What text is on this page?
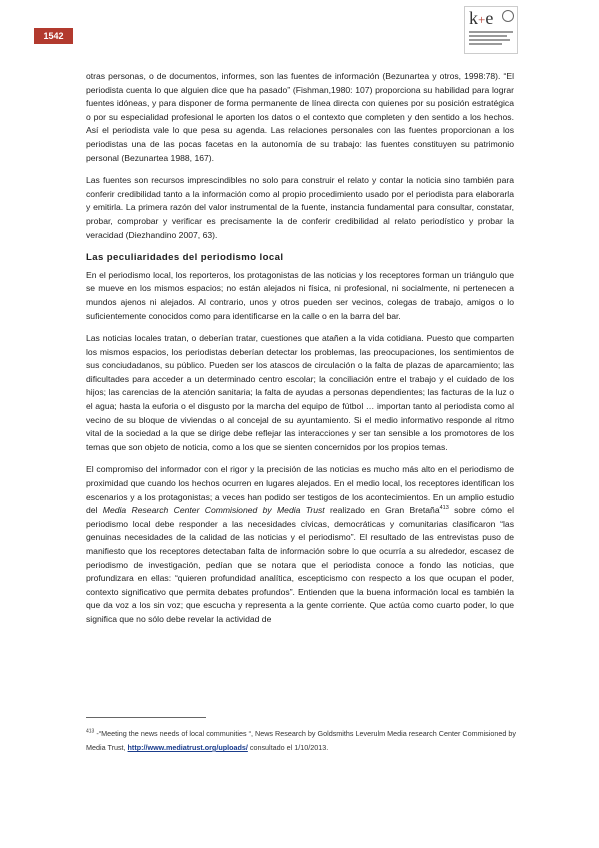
1542
k+e

otras personas, o de documentos, informes, son las fuentes de información (Bezunartea y otros, 1998:78). “El periodista cuenta lo que alguien dice que ha pasado” (Fishman,1980: 107) proporciona su habilidad para lograr fuentes idóneas, y para disponer de forma permanente de línea directa con quienes por su posición estratégica o por su especialidad profesional le aporten los datos o el contexto que completen y den sentido a los hechos. Así el periodista vale lo que pesa su agenda. Las relaciones personales con las fuentes proporcionan a los periodistas una de las pocas facetas en la autonomía de su trabajo: las fuentes constituyen su patrimonio personal (Bezunartea 1988, 167).

Las fuentes son recursos imprescindibles no solo para construir el relato y contar la noticia sino también para conferir credibilidad tanto a la información como al propio procedimiento usado por el periodista para elaborarla y emitirla. La primera razón del valor instrumental de la fuente, instancia fundamental para consultar, constatar, probar, comprobar y verificar es precisamente la de conferir credibilidad al relato periodístico y probar la veracidad (Diezhandino 2007, 63).

Las peculiaridades del periodismo local

En el periodismo local, los reporteros, los protagonistas de las noticias y los receptores forman un triángulo que se mueve en los mismos espacios; no están alejados ni física, ni profesional, ni socialmente, ni pertenecen a mundos ajenos ni alejados. Al contrario, unos y otros pueden ser vecinos, colegas de trabajo, amigos o lo suficientemente conocidos como para identificarse en la calle o en la barra del bar.

Las noticias locales tratan, o deberían tratar, cuestiones que atañen a la vida cotidiana. Puesto que comparten los mismos espacios, los periodistas deberían detectar los problemas, las preocupaciones, los sentimientos de sus conciudadanos, su público. Pueden ser los atascos de circulación o la falta de plazas de aparcamiento; las dificultades para acceder a un determinado centro escolar; la conciliación entre el trabajo y el cuidado de los hijos; las carencias de la atención sanitaria; la falta de ayudas a personas dependientes; las facturas de la luz o el agua; hasta la euforia o el disgusto por la marcha del equipo de fútbol … importan tanto al periodista como al vecino de su bloque de viviendas o al concejal de su ayuntamiento. Si el medio informativo responde al ritmo vital de la sociedad a la que se dirige debe reflejar las interacciones y ser tan sensible a los promotores de los temas que son objeto de noticia, como a los que se sienten concernidos por los propios temas.

El compromiso del informador con el rigor y la precisión de las noticias es mucho más alto en el periodismo de proximidad que cuando los hechos ocurren en lugares alejados. En el medio local, los receptores identifican los escenarios y a los protagonistas; a veces han podido ser testigos de los acontecimientos. En un amplio estudio del Media Research Center Commisioned by Media Trust realizado en Gran Bretaña$^{413}$ sobre cómo el periodismo local debe responder a las necesidades cívicas, democráticas y comunitarias clasificaron “las genuinas necesidades de la calidad de las noticias y el periodismo”. El resultado de las entrevistas puso de manifiesto que los receptores detectaban falta de información sobre lo que ocurría a su alrededor, escasez de periodismo de investigación, pedían que se notara que el periodista conoce a fondo las noticias, que profundizara en ellas: “quieren profundidad analítica, escepticismo con respecto a los que ocupan el poder, contexto significativo que permita debates profundos”. Entienden que la buena información local es también la que da voz a los sin voz; que escucha y representa a la gente corriente. Que actúa como cuarto poder, lo que significa que no sólo debe revelar la actividad de

$^{413}$ -“Meeting the news needs of local communities “, News Research by Goldsmiths Leverulm Media research Center Commisioned by Media Trust, http://www.mediatrust.org/uploads/ consultado el 1/10/2013.
